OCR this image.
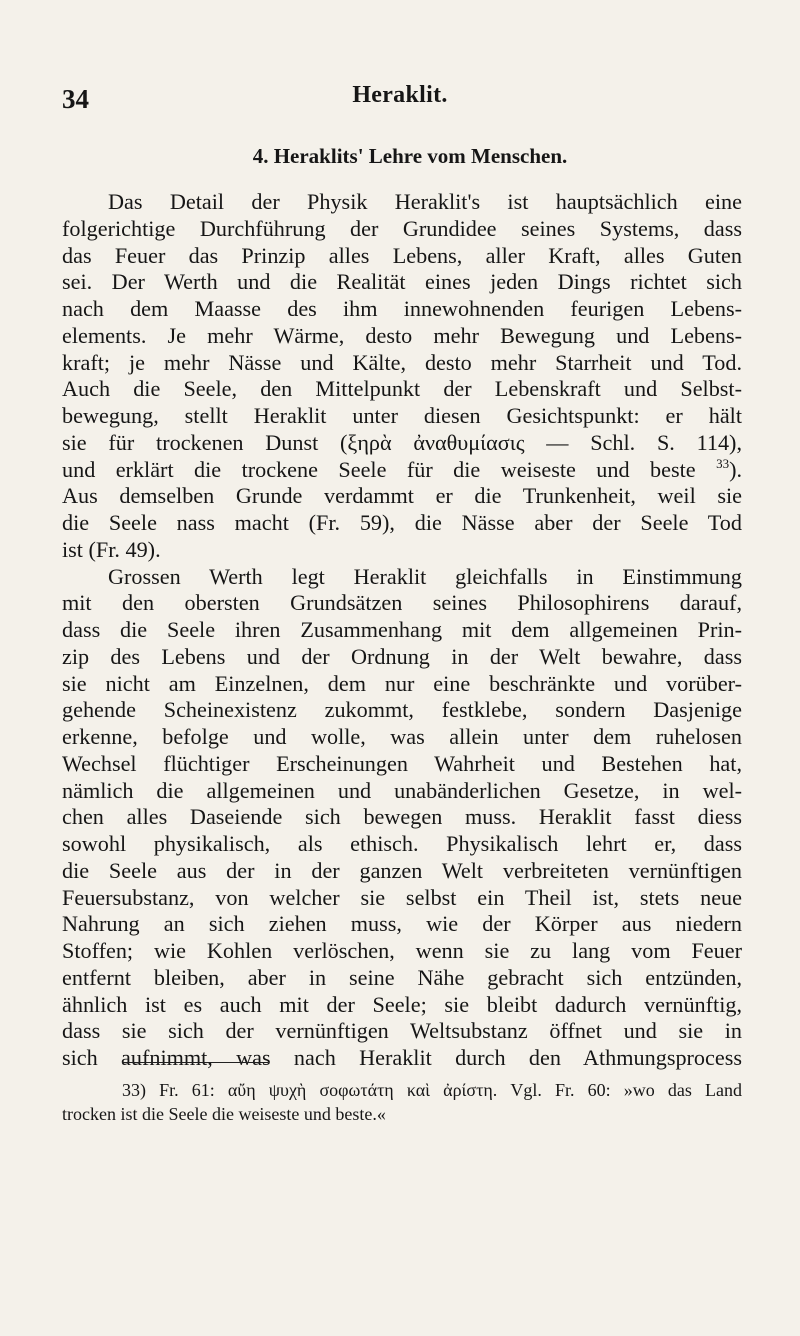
34	Heraklit.
4. Heraklits' Lehre vom Menschen.
Das Detail der Physik Heraklit's ist hauptsächlich eine
folgerichtige Durchführung der Grundidee seines Systems, dass
das Feuer das Prinzip alles Lebens, aller Kraft, alles Guten
sei. Der Werth und die Realität eines jeden Dings richtet sich
nach dem Maasse des ihm innewohnenden feurigen Lebens-
elements. Je mehr Wärme, desto mehr Bewegung und Lebens-
kraft; je mehr Nässe und Kälte, desto mehr Starrheit und Tod.
Auch die Seele, den Mittelpunkt der Lebenskraft und Selbst-
bewegung, stellt Heraklit unter diesen Gesichtspunkt: er hält
sie für trockenen Dunst (ξηρὰ ἀναθυμίασις — Schl. S. 114),
und erklärt die trockene Seele für die weiseste und beste $^{33}$).
Aus demselben Grunde verdammt er die Trunkenheit, weil sie
die Seele nass macht (Fr. 59), die Nässe aber der Seele Tod
ist (Fr. 49).
Grossen Werth legt Heraklit gleichfalls in Einstimmung
mit den obersten Grundsätzen seines Philosophirens darauf,
dass die Seele ihren Zusammenhang mit dem allgemeinen Prin-
zip des Lebens und der Ordnung in der Welt bewahre, dass
sie nicht am Einzelnen, dem nur eine beschränkte und vorüber-
gehende Scheinexistenz zukommt, festklebe, sondern Dasjenige
erkenne, befolge und wolle, was allein unter dem ruhelosen
Wechsel flüchtiger Erscheinungen Wahrheit und Bestehen hat,
nämlich die allgemeinen und unabänderlichen Gesetze, in wel-
chen alles Daseiende sich bewegen muss. Heraklit fasst diess
sowohl physikalisch, als ethisch. Physikalisch lehrt er, dass
die Seele aus der in der ganzen Welt verbreiteten vernünftigen
Feuersubstanz, von welcher sie selbst ein Theil ist, stets neue
Nahrung an sich ziehen muss, wie der Körper aus niedern
Stoffen; wie Kohlen verlöschen, wenn sie zu lang vom Feuer
entfernt bleiben, aber in seine Nähe gebracht sich entzünden,
ähnlich ist es auch mit der Seele; sie bleibt dadurch vernünftig,
dass sie sich der vernünftigen Weltsubstanz öffnet und sie in
sich aufnimmt, was nach Heraklit durch den Athmungsprocess
33) Fr. 61: αὔη ψυχὴ σοφωτάτη καὶ ἀρίστη. Vgl. Fr. 60: »wo das Land
trocken ist die Seele die weiseste und beste.«
